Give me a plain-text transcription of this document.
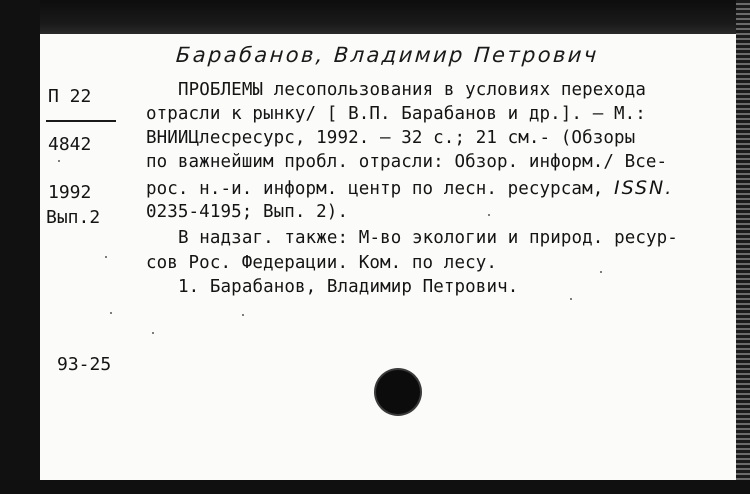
Барабанов, Владимир Петрович
П 22
4842
1992
Вып.2
93-25
ПРОБЛЕМЫ лесопользования в условиях перехода
отрасли к рынку/ [ В.П. Барабанов и др.]. – М.:
ВНИИЦлесресурс, 1992. – 32 с.; 21 см.- (Обзоры
по важнейшим пробл. отрасли: Обзор. информ./ Все-
рос. н.-и. информ. центр по лесн. ресурсам, ISSN.
0235-4195; Вып. 2).
В надзаг. также: М-во экологии и природ. ресур-
сов Рос. Федерации. Ком. по лесу.
1. Барабанов, Владимир Петрович.
